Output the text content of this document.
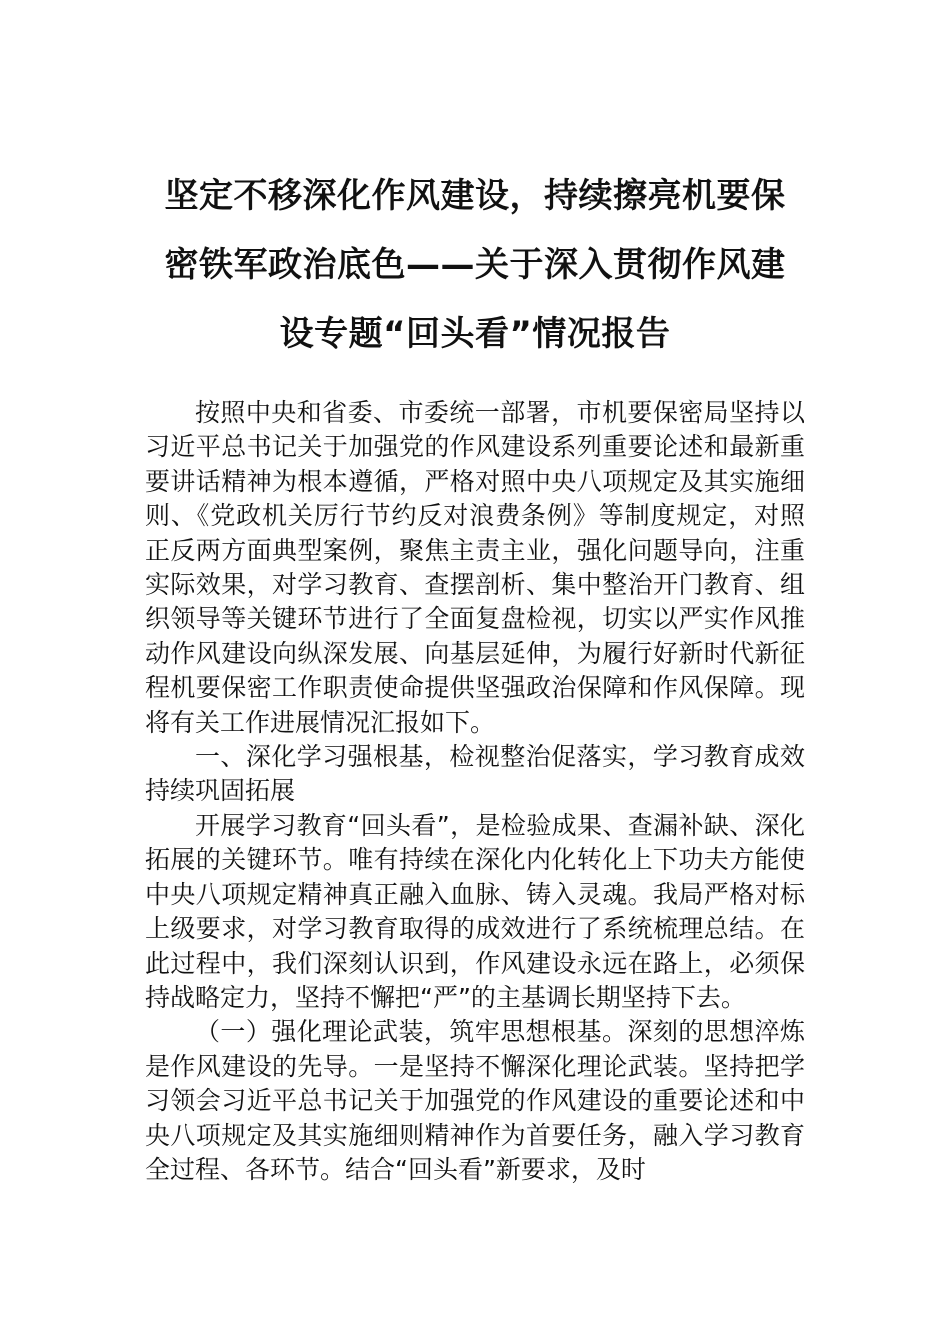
坚定不移深化作风建设，持续擦亮机要保
密铁军政治底色——关于深入贯彻作风建
设专题“回头看”情况报告

按照中央和省委、市委统一部署，市机要保密局坚持以习近平总书记关于加强党的作风建设系列重要论述和最新重要讲话精神为根本遵循，严格对照中央八项规定及其实施细则、《党政机关厉行节约反对浪费条例》等制度规定，对照正反两方面典型案例，聚焦主责主业，强化问题导向，注重实际效果，对学习教育、查摆剖析、集中整治开门教育、组织领导等关键环节进行了全面复盘检视，切实以严实作风推动作风建设向纵深发展、向基层延伸，为履行好新时代新征程机要保密工作职责使命提供坚强政治保障和作风保障。现将有关工作进展情况汇报如下。

一、深化学习强根基，检视整治促落实，学习教育成效持续巩固拓展

开展学习教育“回头看”，是检验成果、查漏补缺、深化拓展的关键环节。唯有持续在深化内化转化上下功夫方能使中央八项规定精神真正融入血脉、铸入灵魂。我局严格对标上级要求，对学习教育取得的成效进行了系统梳理总结。在此过程中，我们深刻认识到，作风建设永远在路上，必须保持战略定力，坚持不懈把“严”的主基调长期坚持下去。

（一）强化理论武装，筑牢思想根基。深刻的思想淬炼是作风建设的先导。一是坚持不懈深化理论武装。坚持把学习领会习近平总书记关于加强党的作风建设的重要论述和中央八项规定及其实施细则精神作为首要任务，融入学习教育全过程、各环节。结合“回头看”新要求，及时
